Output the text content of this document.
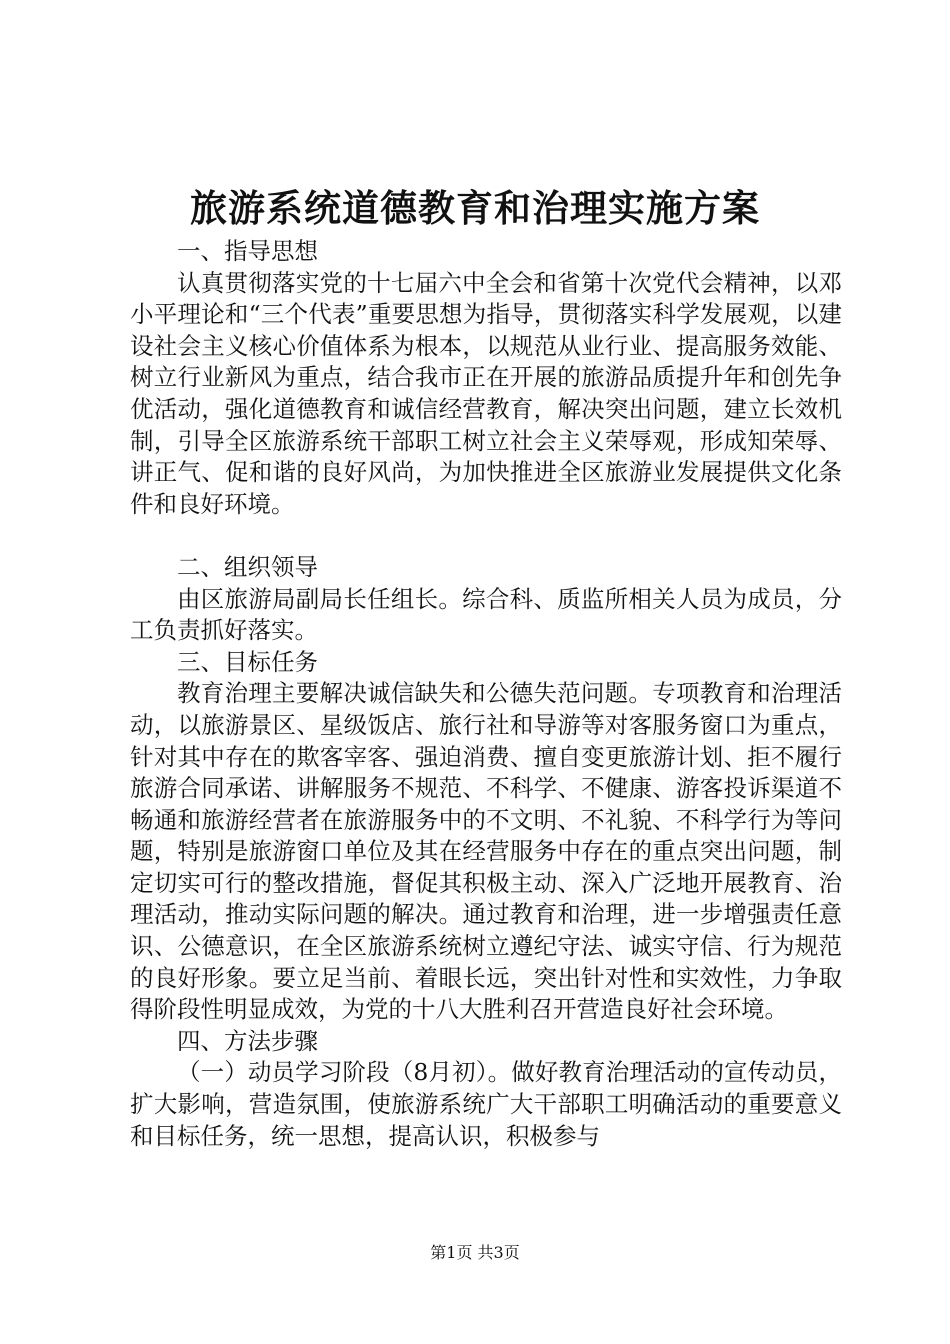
旅游系统道德教育和治理实施方案

一、指导思想

认真贯彻落实党的十七届六中全会和省第十次党代会精神，以邓小平理论和“三个代表”重要思想为指导，贯彻落实科学发展观，以建设社会主义核心价值体系为根本，以规范从业行业、提高服务效能、树立行业新风为重点，结合我市正在开展的旅游品质提升年和创先争优活动，强化道德教育和诚信经营教育，解决突出问题，建立长效机制，引导全区旅游系统干部职工树立社会主义荣辱观，形成知荣辱、讲正气、促和谐的良好风尚，为加快推进全区旅游业发展提供文化条件和良好环境。

二、组织领导

由区旅游局副局长任组长。综合科、质监所相关人员为成员，分工负责抓好落实。

三、目标任务

教育治理主要解决诚信缺失和公德失范问题。专项教育和治理活动，以旅游景区、星级饭店、旅行社和导游等对客服务窗口为重点，针对其中存在的欺客宰客、强迫消费、擅自变更旅游计划、拒不履行旅游合同承诺、讲解服务不规范、不科学、不健康、游客投诉渠道不畅通和旅游经营者在旅游服务中的不文明、不礼貌、不科学行为等问题，特别是旅游窗口单位及其在经营服务中存在的重点突出问题，制定切实可行的整改措施，督促其积极主动、深入广泛地开展教育、治理活动，推动实际问题的解决。通过教育和治理，进一步增强责任意识、公德意识，在全区旅游系统树立遵纪守法、诚实守信、行为规范的良好形象。要立足当前、着眼长远，突出针对性和实效性，力争取得阶段性明显成效，为党的十八大胜利召开营造良好社会环境。

四、方法步骤

（一）动员学习阶段（8月初）。做好教育治理活动的宣传动员，扩大影响，营造氛围，使旅游系统广大干部职工明确活动的重要意义和目标任务，统一思想，提高认识，积极参与

第1页 共3页
